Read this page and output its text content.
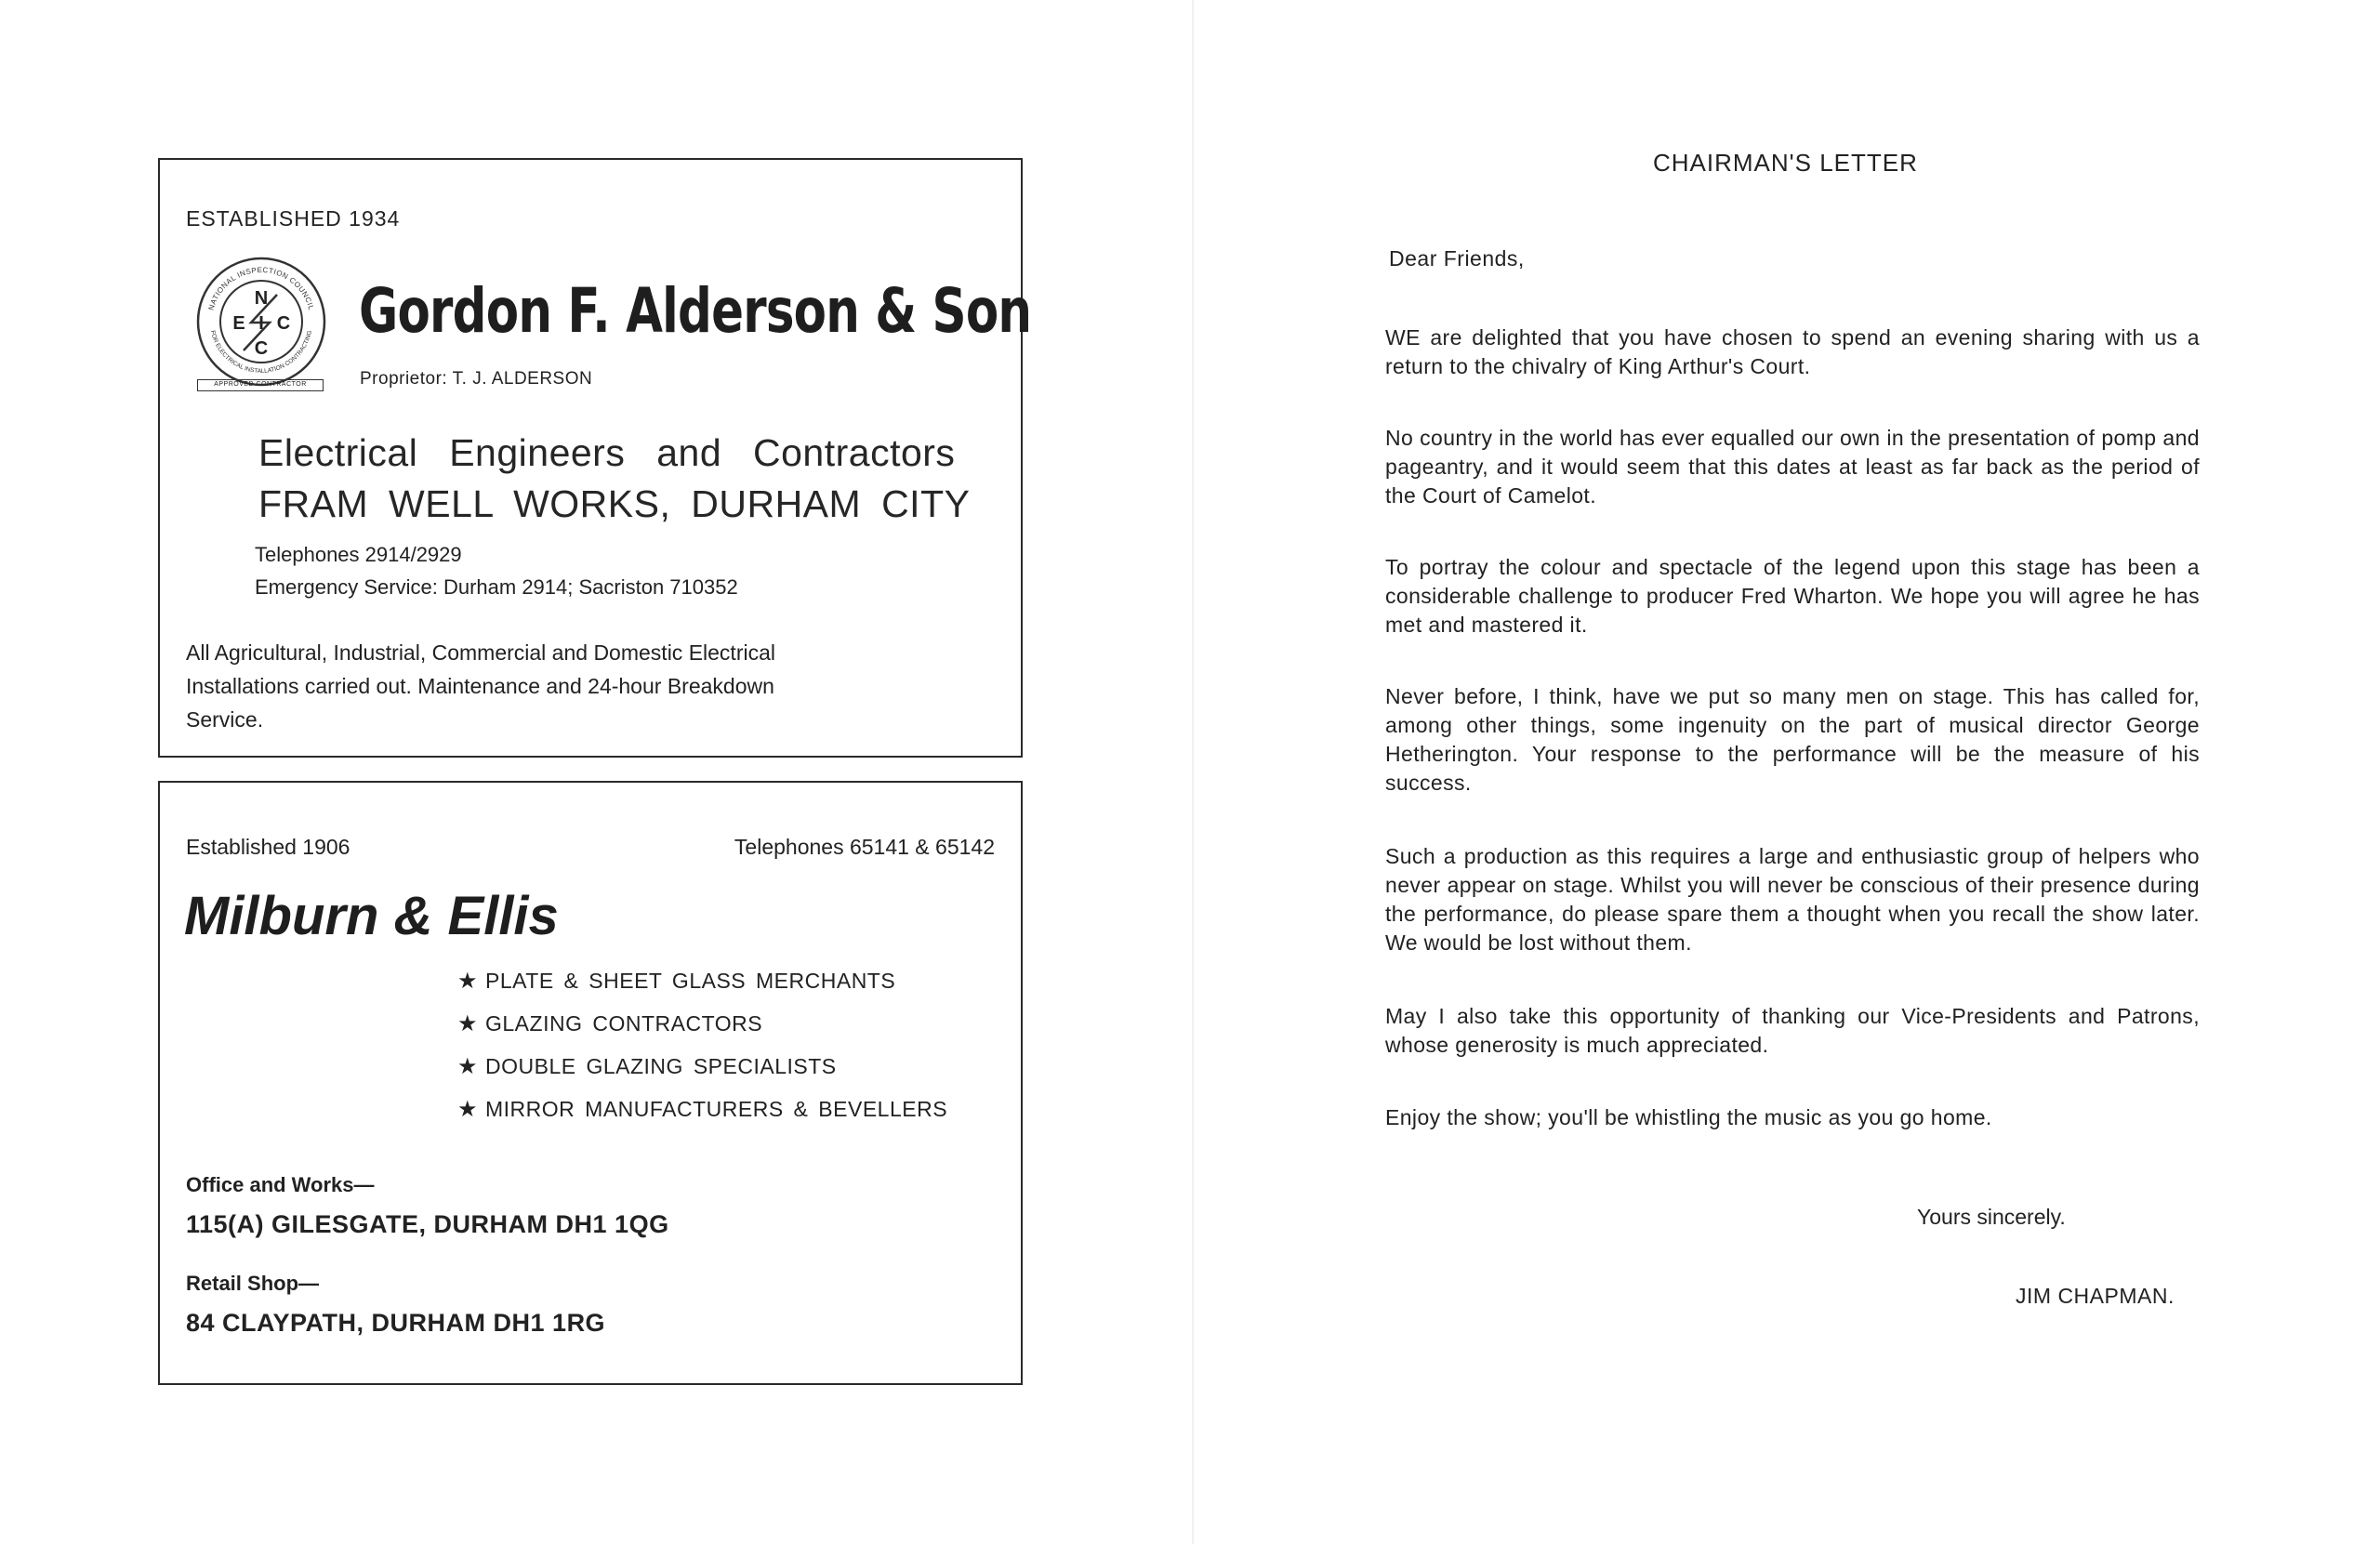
ESTABLISHED 1934
NATIONAL INSPECTION COUNCIL
FOR ELECTRICAL INSTALLATION CONTRACTING
N
E I C
C
APPROVED CONTRACTOR
Gordon F. Alderson & Son
Proprietor: T. J. ALDERSON
Electrical Engineers and Contractors
FRAM WELL WORKS, DURHAM CITY
Telephones 2914/2929
Emergency Service: Durham 2914; Sacriston 710352

All Agricultural, Industrial, Commercial and Domestic Electrical Installations carried out. Maintenance and 24-hour Breakdown Service.

Established 1906	Telephones 65141 & 65142
Milburn & Ellis
★ PLATE & SHEET GLASS MERCHANTS
★ GLAZING CONTRACTORS
★ DOUBLE GLAZING SPECIALISTS
★ MIRROR MANUFACTURERS & BEVELLERS
Office and Works—
115(A) GILESGATE, DURHAM DH1 1QG
Retail Shop—
84 CLAYPATH, DURHAM DH1 1RG
CHAIRMAN'S LETTER
Dear Friends,

WE are delighted that you have chosen to spend an evening sharing with us a return to the chivalry of King Arthur's Court.

No country in the world has ever equalled our own in the presentation of pomp and pageantry, and it would seem that this dates at least as far back as the period of the Court of Camelot.

To portray the colour and spectacle of the legend upon this stage has been a considerable challenge to producer Fred Wharton. We hope you will agree he has met and mastered it.

Never before, I think, have we put so many men on stage. This has called for, among other things, some ingenuity on the part of musical director George Hetherington. Your response to the performance will be the measure of his success.

Such a production as this requires a large and enthusiastic group of helpers who never appear on stage. Whilst you will never be conscious of their presence during the performance, do please spare them a thought when you recall the show later. We would be lost without them.

May I also take this opportunity of thanking our Vice-Presidents and Patrons, whose generosity is much appreciated.

Enjoy the show; you'll be whistling the music as you go home.

Yours sincerely.
JIM CHAPMAN.
